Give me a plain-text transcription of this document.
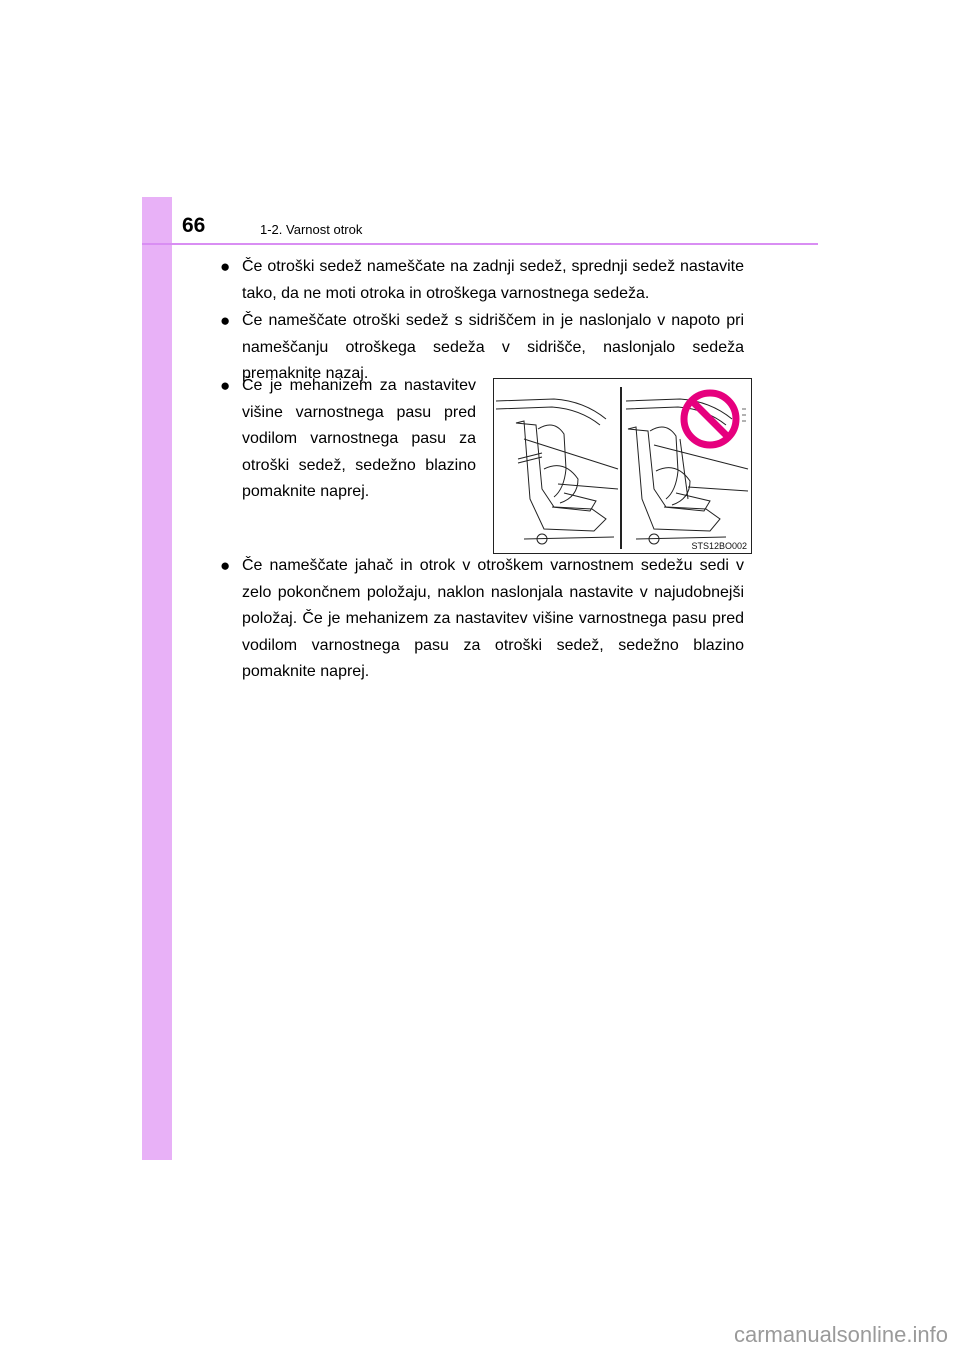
66	1-2. Varnost otrok
● Če otroški sedež nameščate na zadnji sedež, sprednji sedež nastavite tako, da ne moti otroka in otroškega varnostnega sedeža.
● Če nameščate otroški sedež s sidriščem in je naslonjalo v napoto pri nameščanju otroškega sedeža v sidrišče, naslonjalo sedeža premaknite nazaj.
● Če je mehanizem za nastavitev višine varnostnega pasu pred vodilom varnostnega pasu za otroški sedež, sedežno blazino pomaknite naprej.
STS12BO002
● Če nameščate jahač in otrok v otroškem varnostnem sedežu sedi v zelo pokončnem položaju, naklon naslonjala nastavite v najudobnejši položaj. Če je mehanizem za nastavitev višine varnostnega pasu pred vodilom varnostnega pasu za otroški sedež, sedežno blazino pomaknite naprej.
carmanualsonline.info
